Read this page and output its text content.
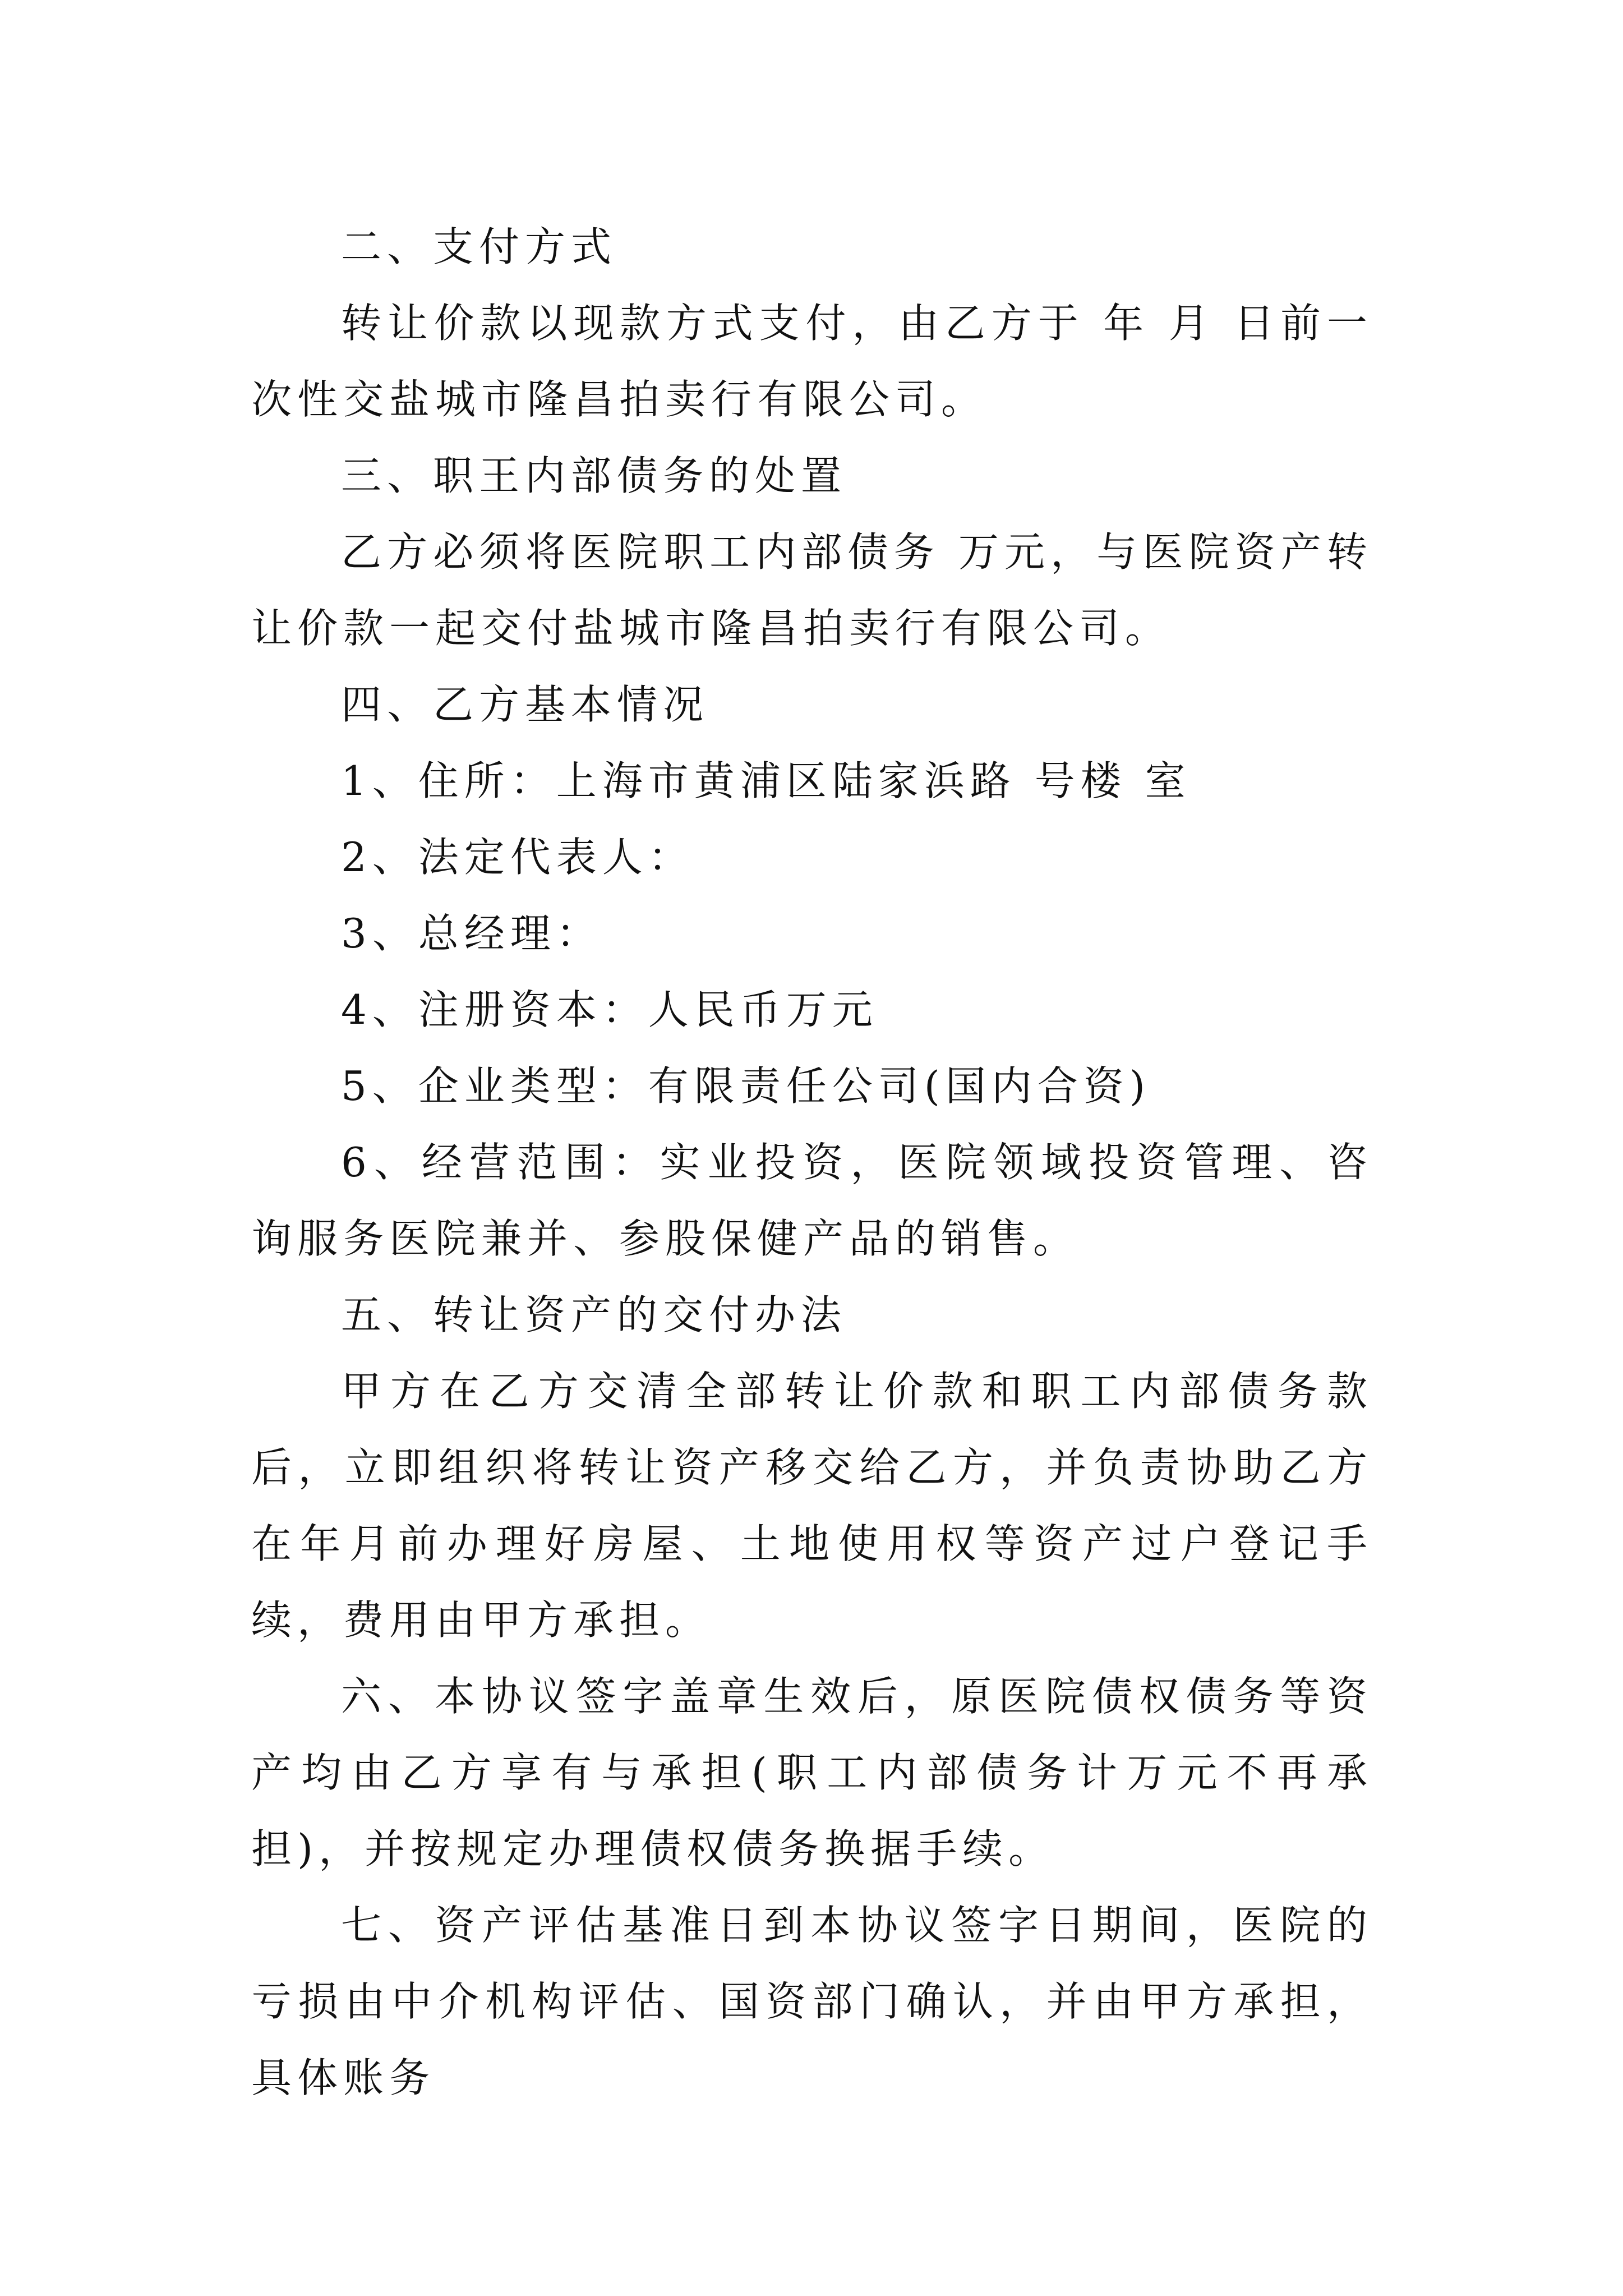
二、支付方式

转让价款以现款方式支付，由乙方于 年 月 日前一次性交盐城市隆昌拍卖行有限公司。

三、职王内部债务的处置

乙方必须将医院职工内部债务 万元，与医院资产转让价款一起交付盐城市隆昌拍卖行有限公司。

四、乙方基本情况

1、住所：上海市黄浦区陆家浜路 号楼 室

2、法定代表人：

3、总经理：

4、注册资本：人民币万元

5、企业类型：有限责任公司(国内合资)

6、经营范围：实业投资，医院领域投资管理、咨询服务医院兼并、参股保健产品的销售。

五、转让资产的交付办法

甲方在乙方交清全部转让价款和职工内部债务款后，立即组织将转让资产移交给乙方，并负责协助乙方在年月前办理好房屋、土地使用权等资产过户登记手续，费用由甲方承担。

六、本协议签字盖章生效后，原医院债权债务等资产均由乙方享有与承担(职工内部债务计万元不再承担)，并按规定办理债权债务换据手续。

七、资产评估基准日到本协议签字日期间，医院的亏损由中介机构评估、国资部门确认，并由甲方承担，具体账务
